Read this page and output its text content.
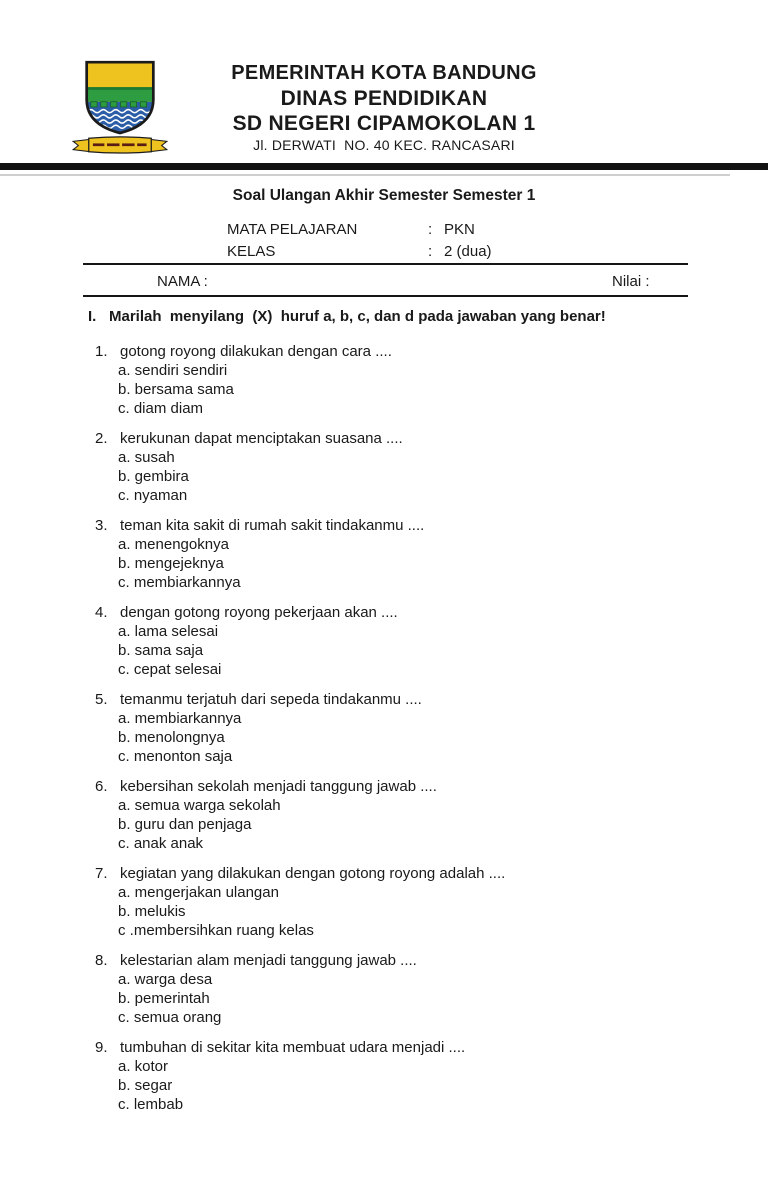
PEMERINTAH KOTA BANDUNG
DINAS PENDIDIKAN
SD NEGERI CIPAMOKOLAN 1
Jl. DERWATI  NO. 40 KEC. RANCASARI
Soal Ulangan Akhir Semester Semester 1
MATA PELAJARAN	: PKN
KELAS	: 2 (dua)
NAMA :	Nilai :
I. Marilah  menyilang  (X)  huruf a, b, c, dan d pada jawaban yang benar!
1. gotong royong dilakukan dengan cara ....
a. sendiri sendiri
b. bersama sama
c. diam diam
2. kerukunan dapat menciptakan suasana ....
a. susah
b. gembira
c. nyaman
3. teman kita sakit di rumah sakit tindakanmu ....
a. menengoknya
b. mengejeknya
c. membiarkannya
4. dengan gotong royong pekerjaan akan ....
a. lama selesai
b. sama saja
c. cepat selesai
5. temanmu terjatuh dari sepeda tindakanmu ....
a. membiarkannya
b. menolongnya
c. menonton saja
6. kebersihan sekolah menjadi tanggung jawab ....
a. semua warga sekolah
b. guru dan penjaga
c. anak anak
7. kegiatan yang dilakukan dengan gotong royong adalah ....
a. mengerjakan ulangan
b. melukis
c .membersihkan ruang kelas
8. kelestarian alam menjadi tanggung jawab ....
a. warga desa
b. pemerintah
c. semua orang
9. tumbuhan di sekitar kita membuat udara menjadi ....
a. kotor
b. segar
c. lembab
